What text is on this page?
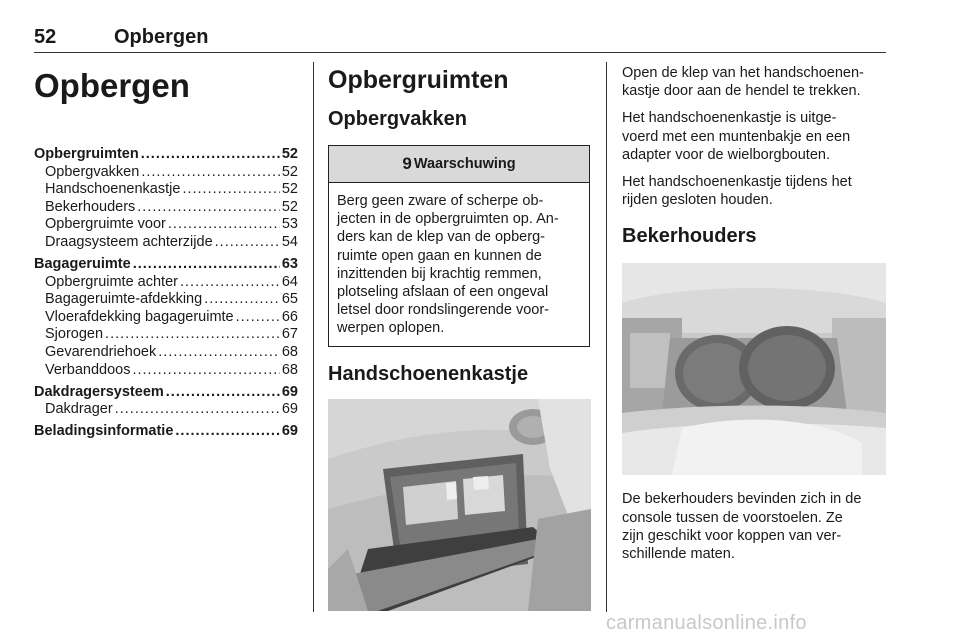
52	Opbergen
Opbergen
Opbergruimten .....	52
Opbergvakken .....	52
Handschoenenkastje .....	52
Bekerhouders .....	52
Opbergruimte voor .....	53
Draagsysteem achterzijde .....	54
Bagageruimte .....	63
Opbergruimte achter .....	64
Bagageruimte-afdekking .....	65
Vloerafdekking bagageruimte .....	66
Sjorogen .....	67
Gevarendriehoek .....	68
Verbanddoos .....	68
Dakdragersysteem .....	69
Dakdrager .....	69
Beladingsinformatie .....	69
Opbergruimten
Opbergvakken
9 Waarschuwing
Berg geen zware of scherpe ob-
jecten in de opbergruimten op. An-
ders kan de klep van de opberg-
ruimte open gaan en kunnen de
inzittenden bij krachtig remmen,
plotseling afslaan of een ongeval
letsel door rondslingerende voor-
werpen oplopen.
Handschoenenkastje
Open de klep van het handschoenen-
kastje door aan de hendel te trekken.
Het handschoenenkastje is uitge-
voerd met een muntenbakje en een
adapter voor de wielborgbouten.
Het handschoenenkastje tijdens het
rijden gesloten houden.
Bekerhouders
De bekerhouders bevinden zich in de
console tussen de voorstoelen. Ze
zijn geschikt voor koppen van ver-
schillende maten.
carmanualsonline.info
